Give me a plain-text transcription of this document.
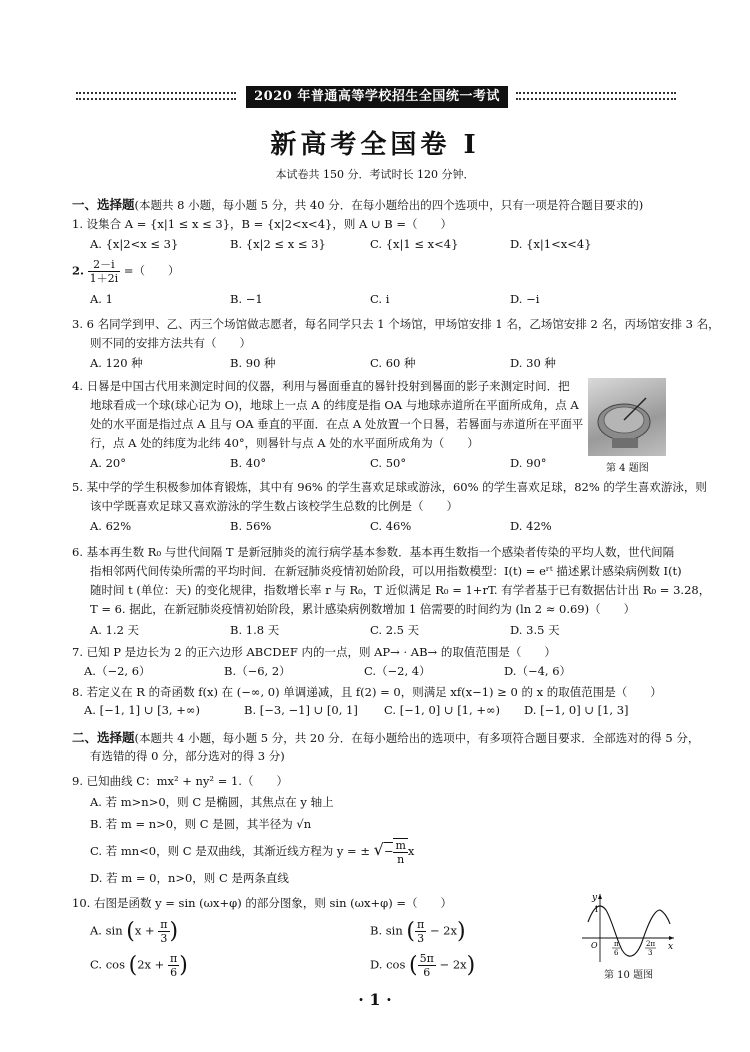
2020 年普通高等学校招生全国统一考试
新高考全国卷 I
本试卷共 150 分．考试时长 120 分钟．
一、选择题(本题共 8 小题，每小题 5 分，共 40 分．在每小题给出的四个选项中，只有一项是符合题目要求的)
1. 设集合 A = {x|1 ≤ x ≤ 3}，B = {x|2<x<4}，则 A ∪ B =（　　）
A. {x|2<x ≤ 3}	B. {x|2 ≤ x ≤ 3}	C. {x|1 ≤ x<4}	D. {x|1<x<4}
2. $\frac{2-i}{1+2i}$ =（　　）
A. 1	B. −1	C. i	D. −i
3. 6 名同学到甲、乙、丙三个场馆做志愿者，每名同学只去 1 个场馆，甲场馆安排 1 名，乙场馆安排 2 名，丙场馆安排 3 名，
则不同的安排方法共有（　　）
A. 120 种	B. 90 种	C. 60 种	D. 30 种
4. 日晷是中国古代用来测定时间的仪器，利用与晷面垂直的晷针投射到晷面的影子来测定时间．把
地球看成一个球(球心记为 O)，地球上一点 A 的纬度是指 OA 与地球赤道所在平面所成角，点 A
处的水平面是指过点 A 且与 OA 垂直的平面．在点 A 处放置一个日晷，若晷面与赤道所在平面平
行，点 A 处的纬度为北纬 40°，则晷针与点 A 处的水平面所成角为（　　）
A. 20°	B. 40°	C. 50°	D. 90°	第 4 题图
5. 某中学的学生积极参加体育锻炼，其中有 96% 的学生喜欢足球或游泳，60% 的学生喜欢足球，82% 的学生喜欢游泳，则
该中学既喜欢足球又喜欢游泳的学生数占该校学生总数的比例是（　　）
A. 62%	B. 56%	C. 46%	D. 42%
6. 基本再生数 R₀ 与世代间隔 T 是新冠肺炎的流行病学基本参数．基本再生数指一个感染者传染的平均人数，世代间隔
指相邻两代间传染所需的平均时间．在新冠肺炎疫情初始阶段，可以用指数模型：I(t) = eʳᵗ 描述累计感染病例数 I(t)
随时间 t (单位：天) 的变化规律，指数增长率 r 与 R₀，T 近似满足 R₀ = 1+rT. 有学者基于已有数据估计出 R₀ = 3.28，
T = 6. 据此，在新冠肺炎疫情初始阶段，累计感染病例数增加 1 倍需要的时间约为 (ln 2 ≈ 0.69)（　　）
A. 1.2 天	B. 1.8 天	C. 2.5 天	D. 3.5 天
7. 已知 P 是边长为 2 的正六边形 ABCDEF 内的一点，则 AP→ · AB→ 的取值范围是（　　）
A.（−2, 6）	B.（−6, 2）	C.（−2, 4）	D.（−4, 6）
8. 若定义在 R 的奇函数 f(x) 在 (−∞, 0) 单调递减，且 f(2) = 0，则满足 xf(x−1) ≥ 0 的 x 的取值范围是（　　）
A. [−1, 1] ∪ [3, +∞)	B. [−3, −1] ∪ [0, 1] C. [−1, 0] ∪ [1, +∞) D. [−1, 0] ∪ [1, 3]
二、选择题(本题共 4 小题，每小题 5 分，共 20 分．在每小题给出的选项中，有多项符合题目要求．全部选对的得 5 分，
有选错的得 0 分，部分选对的得 3 分)
9. 已知曲线 C：mx² + ny² = 1.（　　）
A. 若 m>n>0，则 C 是椭圆，其焦点在 y 轴上
B. 若 m = n>0，则 C 是圆，其半径为 √n
C. 若 mn<0，则 C 是双曲线，其渐近线方程为 y = ± √− $\frac{m}{n}$ x
D. 若 m = 0，n>0，则 C 是两条直线
10. 右图是函数 y = sin (ωx+φ) 的部分图象，则 sin (ωx+φ) =（　　）
A. $\sin (x + \frac{\pi}{3}$ )	B. sin ( $\frac{\pi}{3} - 2x$)
C. $\cos (2x + \frac{\pi}{6}$ )	D. cos ( $\frac{5\pi}{6} - 2x$)
y
x
O
1
π
6
2π
3
第 10 题图
· 1 ·
